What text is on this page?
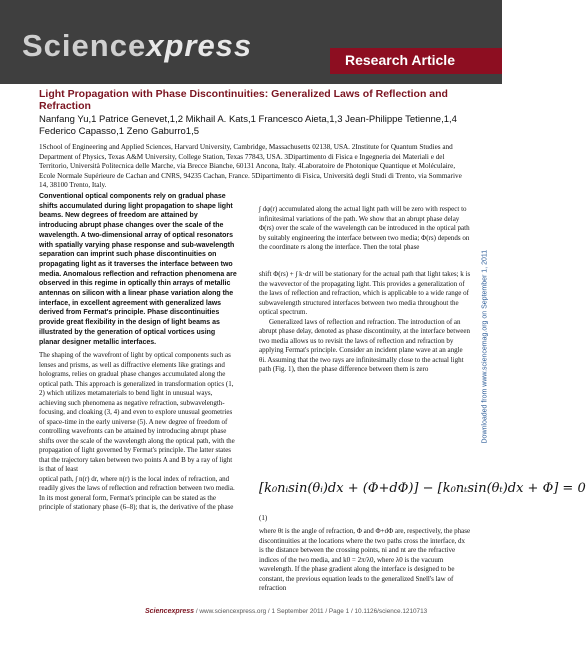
Sciencexpress	Research Article
Light Propagation with Phase Discontinuities: Generalized Laws of Reflection and Refraction
Nanfang Yu,1 Patrice Genevet,1,2 Mikhail A. Kats,1 Francesco Aieta,1,3 Jean-Philippe Tetienne,1,4 Federico Capasso,1 Zeno Gaburro1,5
1School of Engineering and Applied Sciences, Harvard University, Cambridge, Massachusetts 02138, USA. 2Institute for Quantum Studies and Department of Physics, Texas A&M University, College Station, Texas 77843, USA. 3Dipartimento di Fisica e Ingegneria dei Materiali e del Territorio, Università Politecnica delle Marche, via Brecce Bianche, 60131 Ancona, Italy. 4Laboratoire de Photonique Quantique et Moléculaire, Ecole Normale Supérieure de Cachan and CNRS, 94235 Cachan, France. 5Dipartimento di Fisica, Università degli Studi di Trento, via Sommarive 14, 38100 Trento, Italy.

Conventional optical components rely on gradual phase shifts accumulated during light propagation to shape light beams. New degrees of freedom are attained by introducing abrupt phase changes over the scale of the wavelength. A two-dimensional array of optical resonators with spatially varying phase response and sub-wavelength separation can imprint such phase discontinuities on propagating light as it traverses the interface between two media. Anomalous reflection and refraction phenomena are observed in this regime in optically thin arrays of metallic antennas on silicon with a linear phase variation along the interface, in excellent agreement with generalized laws derived from Fermat's principle. Phase discontinuities provide great flexibility in the design of light beams as illustrated by the generation of optical vortices using planar designer metallic interfaces.

The shaping of the wavefront of light by optical components such as lenses and prisms, as well as diffractive elements like gratings and holograms, relies on gradual phase changes accumulated along the optical path. This approach is generalized in transformation optics (1, 2) which utilizes metamaterials to bend light in unusual ways, achieving such phenomena as negative refraction, subwavelength-focusing, and cloaking (3, 4) and even to explore unusual geometries of space-time in the early universe (5). A new degree of freedom of controlling wavefronts can be attained by introducing abrupt phase shifts over the scale of the wavelength along the optical path, with the propagation of light governed by Fermat's principle. The latter states that the trajectory taken between two points A and B by a ray of light is that of least

optical path, ∫ n(r) dr, where n(r) is the local index of refraction, and readily gives the laws of reflection and refraction between two media. In its most general form, Fermat's principle can be stated as the principle of stationary phase (6–8); that is, the derivative of the phase

∫ dφ(r) accumulated along the actual light path will be zero with respect to infinitesimal variations of the path. We show that an abrupt phase delay Φ(rs) over the scale of the wavelength can be introduced in the optical path by suitably engineering the interface between two media; Φ(rs) depends on the coordinate rs along the interface. Then the total phase

shift Φ(rs) + ∫ k·dr will be stationary for the actual path that light takes; k is the wavevector of the propagating light. This provides a generalization of the laws of reflection and refraction, which is applicable to a wide range of subwavelength structured interfaces between two media throughout the optical spectrum.

Generalized laws of reflection and refraction. The introduction of an abrupt phase delay, denoted as phase discontinuity, at the interface between two media allows us to revisit the laws of reflection and refraction by applying Fermat's principle. Consider an incident plane wave at an angle θi. Assuming that the two rays are infinitesimally close to the actual light path (Fig. 1), then the phase difference between them is zero

[k₀nᵢsin(θᵢ)dx + (Φ+dΦ)] − [k₀nₜsin(θₜ)dx + Φ] = 0
(1)

where θt is the angle of refraction, Φ and Φ+dΦ are, respectively, the phase discontinuities at the locations where the two paths cross the interface, dx is the distance between the crossing points, ni and nt are the refractive indices of the two media, and k0 = 2π/λ0, where λ0 is the vacuum wavelength. If the phase gradient along the interface is designed to be constant, the previous equation leads to the generalized Snell's law of refraction

Downloaded from www.sciencemag.org on September 1, 2011
Sciencexpress / www.sciencexpress.org / 1 September 2011 / Page 1 / 10.1126/science.1210713
